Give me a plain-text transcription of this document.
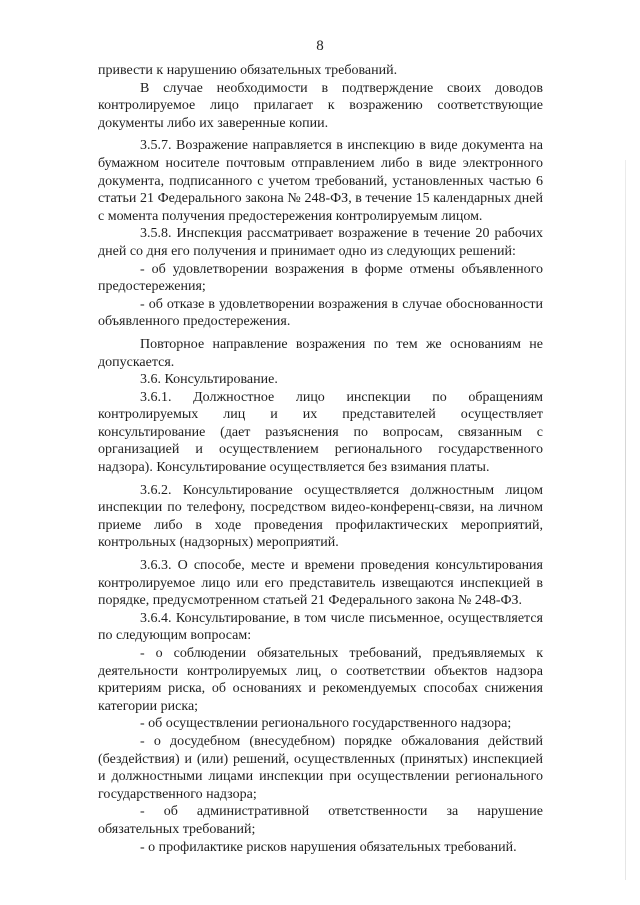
8

привести к нарушению обязательных требований.

В случае необходимости в подтверждение своих доводов контролируемое лицо прилагает к возражению соответствующие документы либо их заверенные копии.

3.5.7. Возражение направляется в инспекцию в виде документа на бумажном носителе почтовым отправлением либо в виде электронного документа, подписанного с учетом требований, установленных частью 6 статьи 21 Федерального закона № 248-ФЗ, в течение 15 календарных дней с момента получения предостережения контролируемым лицом.

3.5.8. Инспекция рассматривает возражение в течение 20 рабочих дней со дня его получения и принимает одно из следующих решений:

- об удовлетворении возражения в форме отмены объявленного предостережения;

- об отказе в удовлетворении возражения в случае обоснованности объявленного предостережения.

Повторное направление возражения по тем же основаниям не допускается.

3.6. Консультирование.

3.6.1. Должностное лицо инспекции по обращениям контролируемых лиц и их представителей осуществляет консультирование (дает разъяснения по вопросам, связанным с организацией и осуществлением регионального государственного надзора). Консультирование осуществляется без взимания платы.

3.6.2. Консультирование осуществляется должностным лицом инспекции по телефону, посредством видео-конференц-связи, на личном приеме либо в ходе проведения профилактических мероприятий, контрольных (надзорных) мероприятий.

3.6.3. О способе, месте и времени проведения консультирования контролируемое лицо или его представитель извещаются инспекцией в порядке, предусмотренном статьей 21 Федерального закона № 248-ФЗ.

3.6.4. Консультирование, в том числе письменное, осуществляется по следующим вопросам:

- о соблюдении обязательных требований, предъявляемых к деятельности контролируемых лиц, о соответствии объектов надзора критериям риска, об основаниях и рекомендуемых способах снижения категории риска;

- об осуществлении регионального государственного надзора;

- о досудебном (внесудебном) порядке обжалования действий (бездействия) и (или) решений, осуществленных (принятых) инспекцией и должностными лицами инспекции при осуществлении регионального государственного надзора;

- об административной ответственности за нарушение обязательных требований;

- о профилактике рисков нарушения обязательных требований.
